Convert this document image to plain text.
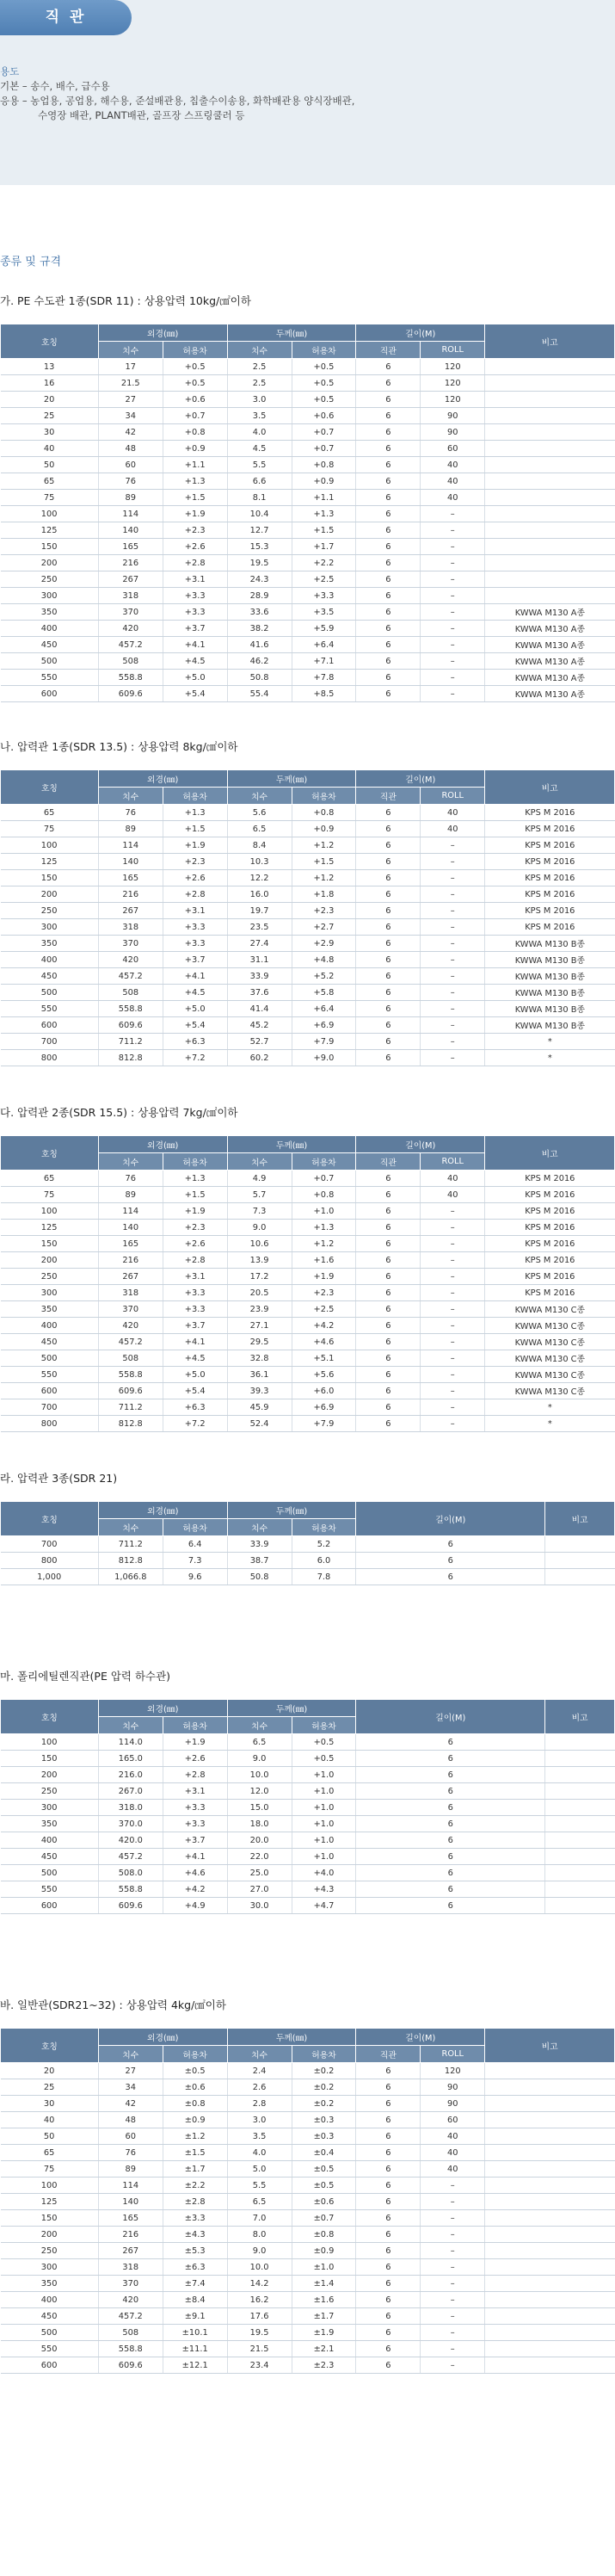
직 관
용도
기본 – 송수, 배수, 급수용
응용 – 농업용, 공업용, 해수용, 준설배관용, 칩출수이송용, 화학배관용 양식장배관,
수영장 배관, PLANT배관, 골프장 스프링쿨러 등
종류 및 규격
가. PE 수도관 1종(SDR 11) : 상용압력 10kg/㎠이하
호칭	외경(㎜)		두께(㎜)		길이(M)		비고
	치수	허용차	치수	허용차	직관	ROLL	
13	17	+0.5	2.5	+0.5	6	120	
16	21.5	+0.5	2.5	+0.5	6	120	
20	27	+0.6	3.0	+0.5	6	120	
25	34	+0.7	3.5	+0.6	6	90	
30	42	+0.8	4.0	+0.7	6	90	
40	48	+0.9	4.5	+0.7	6	60	
50	60	+1.1	5.5	+0.8	6	40	
65	76	+1.3	6.6	+0.9	6	40	
75	89	+1.5	8.1	+1.1	6	40	
100	114	+1.9	10.4	+1.3	6	–	
125	140	+2.3	12.7	+1.5	6	–	
150	165	+2.6	15.3	+1.7	6	–	
200	216	+2.8	19.5	+2.2	6	–	
250	267	+3.1	24.3	+2.5	6	–	
300	318	+3.3	28.9	+3.3	6	–	
350	370	+3.3	33.6	+3.5	6	–	KWWA M130 A종
400	420	+3.7	38.2	+5.9	6	–	KWWA M130 A종
450	457.2	+4.1	41.6	+6.4	6	–	KWWA M130 A종
500	508	+4.5	46.2	+7.1	6	–	KWWA M130 A종
550	558.8	+5.0	50.8	+7.8	6	–	KWWA M130 A종
600	609.6	+5.4	55.4	+8.5	6	–	KWWA M130 A종
나. 압력관 1종(SDR 13.5) : 상용압력 8kg/㎠이하
호칭	외경(㎜)		두께(㎜)		길이(M)		비고
	치수	허용차	치수	허용차	직관	ROLL	
65	76	+1.3	5.6	+0.8	6	40	KPS M 2016
75	89	+1.5	6.5	+0.9	6	40	KPS M 2016
100	114	+1.9	8.4	+1.2	6	–	KPS M 2016
125	140	+2.3	10.3	+1.5	6	–	KPS M 2016
150	165	+2.6	12.2	+1.2	6	–	KPS M 2016
200	216	+2.8	16.0	+1.8	6	–	KPS M 2016
250	267	+3.1	19.7	+2.3	6	–	KPS M 2016
300	318	+3.3	23.5	+2.7	6	–	KPS M 2016
350	370	+3.3	27.4	+2.9	6	–	KWWA M130 B종
400	420	+3.7	31.1	+4.8	6	–	KWWA M130 B종
450	457.2	+4.1	33.9	+5.2	6	–	KWWA M130 B종
500	508	+4.5	37.6	+5.8	6	–	KWWA M130 B종
550	558.8	+5.0	41.4	+6.4	6	–	KWWA M130 B종
600	609.6	+5.4	45.2	+6.9	6	–	KWWA M130 B종
700	711.2	+6.3	52.7	+7.9	6	–	*
800	812.8	+7.2	60.2	+9.0	6	–	*
다. 압력관 2종(SDR 15.5) : 상용압력 7kg/㎠이하
호칭	외경(㎜)		두께(㎜)		길이(M)		비고
	치수	허용차	치수	허용차	직관	ROLL	
65	76	+1.3	4.9	+0.7	6	40	KPS M 2016
75	89	+1.5	5.7	+0.8	6	40	KPS M 2016
100	114	+1.9	7.3	+1.0	6	–	KPS M 2016
125	140	+2.3	9.0	+1.3	6	–	KPS M 2016
150	165	+2.6	10.6	+1.2	6	–	KPS M 2016
200	216	+2.8	13.9	+1.6	6	–	KPS M 2016
250	267	+3.1	17.2	+1.9	6	–	KPS M 2016
300	318	+3.3	20.5	+2.3	6	–	KPS M 2016
350	370	+3.3	23.9	+2.5	6	–	KWWA M130 C종
400	420	+3.7	27.1	+4.2	6	–	KWWA M130 C종
450	457.2	+4.1	29.5	+4.6	6	–	KWWA M130 C종
500	508	+4.5	32.8	+5.1	6	–	KWWA M130 C종
550	558.8	+5.0	36.1	+5.6	6	–	KWWA M130 C종
600	609.6	+5.4	39.3	+6.0	6	–	KWWA M130 C종
700	711.2	+6.3	45.9	+6.9	6	–	*
800	812.8	+7.2	52.4	+7.9	6	–	*
라. 압력관 3종(SDR 21)
호칭	외경(㎜)		두께(㎜)		길이(M)	비고
	치수	허용차	치수	허용차		
700	711.2	6.4	33.9	5.2	6	
800	812.8	7.3	38.7	6.0	6	
1,000	1,066.8	9.6	50.8	7.8	6	
마. 폴리에틸렌직관(PE 압력 하수관)
호칭	외경(㎜)		두께(㎜)		길이(M)	비고
	치수	허용차	치수	허용차		
100	114.0	+1.9	6.5	+0.5	6	
150	165.0	+2.6	9.0	+0.5	6	
200	216.0	+2.8	10.0	+1.0	6	
250	267.0	+3.1	12.0	+1.0	6	
300	318.0	+3.3	15.0	+1.0	6	
350	370.0	+3.3	18.0	+1.0	6	
400	420.0	+3.7	20.0	+1.0	6	
450	457.2	+4.1	22.0	+1.0	6	
500	508.0	+4.6	25.0	+4.0	6	
550	558.8	+4.2	27.0	+4.3	6	
600	609.6	+4.9	30.0	+4.7	6	
바. 일반관(SDR21~32) : 상용압력 4kg/㎠이하
호칭	외경(㎜)		두께(㎜)		길이(M)		비고
	치수	허용차	치수	허용차	직관	ROLL	
20	27	±0.5	2.4	±0.2	6	120	
25	34	±0.6	2.6	±0.2	6	90	
30	42	±0.8	2.8	±0.2	6	90	
40	48	±0.9	3.0	±0.3	6	60	
50	60	±1.2	3.5	±0.3	6	40	
65	76	±1.5	4.0	±0.4	6	40	
75	89	±1.7	5.0	±0.5	6	40	
100	114	±2.2	5.5	±0.5	6	–	
125	140	±2.8	6.5	±0.6	6	–	
150	165	±3.3	7.0	±0.7	6	–	
200	216	±4.3	8.0	±0.8	6	–	
250	267	±5.3	9.0	±0.9	6	–	
300	318	±6.3	10.0	±1.0	6	–	
350	370	±7.4	14.2	±1.4	6	–	
400	420	±8.4	16.2	±1.6	6	–	
450	457.2	±9.1	17.6	±1.7	6	–	
500	508	±10.1	19.5	±1.9	6	–	
550	558.8	±11.1	21.5	±2.1	6	–	
600	609.6	±12.1	23.4	±2.3	6	–	
